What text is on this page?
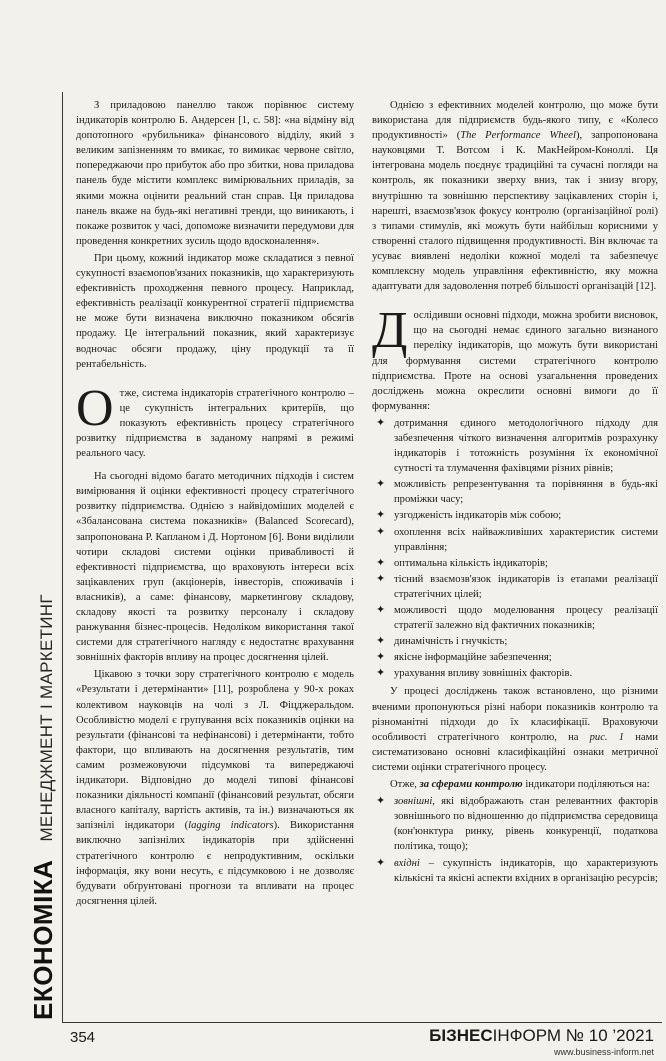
ЕКОНОМІКАМЕНЕДЖМЕНТ І МАРКЕТИНГ

З приладовою панеллю також порівнює систему індикаторів контролю Б. Андерсен [1, с. 58]: «на відміну від допотопного «рубильника» фінансового відділу, який з великим запізненням то вмикає, то вимикає червоне світло, попереджаючи про прибуток або про збитки, нова приладова панель буде містити комплекс вимірювальних приладів, за якими можна оцінити реальний стан справ. Ця приладова панель вкаже на будь-які негативні тренди, що виникають, і покаже розвиток у часі, допоможе визначити передумови для проведення конкретних зусиль щодо вдосконалення».

При цьому, кожний індикатор може складатися з певної сукупності взаємопов'язаних показників, що характеризують ефективність проходження певного процесу. Наприклад, ефективність реалізації конкурентної стратегії підприємства не може бути визначена виключно показником обсягів продажу. Це інтегральний показник, який характеризує водночас обсяги продажу, ціну продукції та її рентабельність.

О тже, система індикаторів стратегічного контролю – це сукупність інтегральних критеріїв, що показують ефективність процесу стратегічного розвитку підприємства в заданому напрямі в режимі реального часу.

На сьогодні відомо багато методичних підходів і систем вимірювання й оцінки ефективності процесу стратегічного розвитку підприємства. Однією з найвідоміших моделей є «Збалансована система показників» (Balanced Scorecard), запропонована Р. Капланом і Д. Нортоном [6]. Вони виділили чотири складові системи оцінки привабливості й ефективності підприємства, що враховують інтереси всіх зацікавлених груп (акціонерів, інвесторів, споживачів і власників), а саме: фінансову, маркетингову складову, складову якості та розвитку персоналу і складову ранжування бізнес-процесів. Недоліком використання такої системи для стратегічного нагляду є недостатнє врахування зовнішніх факторів впливу на процес досягнення цілей.

Цікавою з точки зору стратегічного контролю є модель «Результати і детермінанти» [11], розроблена у 90-х роках колективом науковців на чолі з Л. Фіцджеральдом. Особливістю моделі є групування всіх показників оцінки на результати (фінансові та нефінансові) і детермінанти, тобто фактори, що впливають на досягнення результатів, тим самим розмежовуючи підсумкові та випереджаючі індикатори. Відповідно до моделі типові фінансові показники діяльності компанії (фінансовий результат, обсяги власного капіталу, вартість активів, та ін.) визначаються як запізнілі індикатори (lagging indicators). Використання виключно запізнілих індикаторів при здійсненні стратегічного контролю є непродуктивним, оскільки інформація, яку вони несуть, є підсумковою і не дозволяє будувати обґрунтовані прогнози та впливати на процес досягнення цілей.

Однією з ефективних моделей контролю, що може бути використана для підприємств будь-якого типу, є «Колесо продуктивності» (The Performance Wheel), запропонована науковцями Т. Вотсом і К. МакНейром-Коноллі. Ця інтегрована модель поєднує традиційні та сучасні погляди на контроль, як показники зверху вниз, так і знизу вгору, внутрішню та зовнішню перспективу зацікавлених сторін і, нарешті, взаємозв'язок фокусу контролю (організаційної ролі) з типами стимулів, які можуть бути найбільш корисними у створенні сталого підвищення продуктивності. Він включає та усуває виявлені недоліки кожної моделі та забезпечує комплексну модель управління ефективністю, яку можна адаптувати для задоволення потреб більшості організацій [12].

Д ослідивши основні підходи, можна зробити висновок, що на сьогодні немає єдиного загально визнаного переліку індикаторів, що можуть бути використані для формування системи стратегічного контролю підприємства. Проте на основі узагальнення проведених досліджень можна окреслити основні вимоги до її формування:

✦ дотримання єдиного методологічного підходу для забезпечення чіткого визначення алгоритмів розрахунку індикаторів і тотожність розуміння їх економічної сутності та тлумачення фахівцями різних рівнів;
✦ можливість репрезентування та порівняння в будь-які проміжки часу;
✦ узгодженість індикаторів між собою;
✦ охоплення всіх найважливіших характеристик системи управління;
✦ оптимальна кількість індикаторів;
✦ тісний взаємозв'язок індикаторів із етапами реалізації стратегічних цілей;
✦ можливості щодо моделювання процесу реалізації стратегії залежно від фактичних показників;
✦ динамічність і гнучкість;
✦ якісне інформаційне забезпечення;
✦ урахування впливу зовнішніх факторів.

У процесі досліджень також встановлено, що різними вченими пропонуються різні набори показників контролю та різноманітні підходи до їх класифікації. Враховуючи особливості стратегічного контролю, на рис. 1 нами систематизовано основні класифікаційні ознаки метричної системи оцінки стратегічного процесу.

Отже, за сферами контролю індикатори поділяються на:

✦ зовнішні, які відображають стан релевантних факторів зовнішнього по відношенню до підприємства середовища (кон'юнктура ринку, рівень конкуренції, податкова політика, тощо);
✦ вхідні – сукупність індикаторів, що характеризують кількісні та якісні аспекти вхідних в організацію ресурсів;
354	БІЗНЕСІНФОРМ № 10 ’2021
www.business-inform.net
